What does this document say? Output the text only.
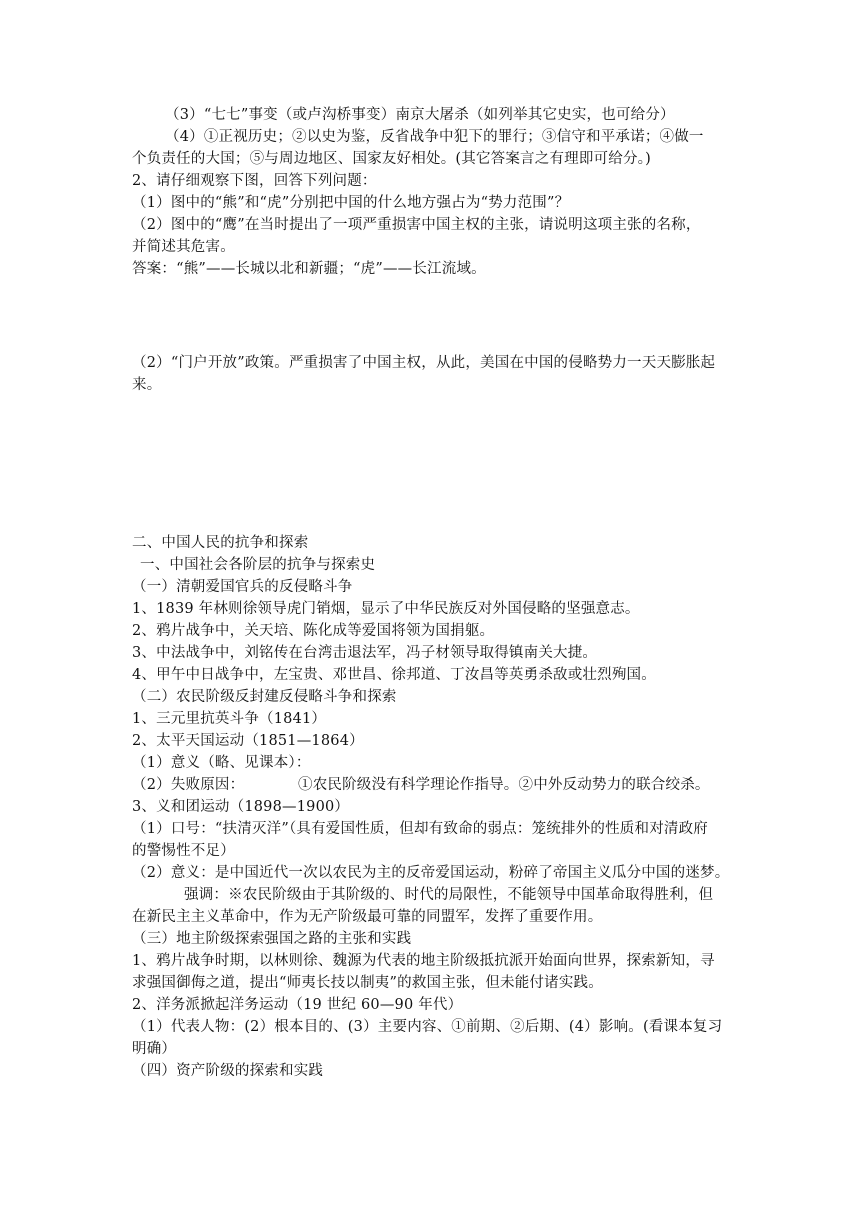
（3）“七七”事变（或卢沟桥事变）南京大屠杀（如列举其它史实，也可给分）
（4）①正视历史；②以史为鉴，反省战争中犯下的罪行；③信守和平承诺；④做一
个负责任的大国；⑤与周边地区、国家友好相处。(其它答案言之有理即可给分。)
2、请仔细观察下图，回答下列问题：
（1）图中的“熊”和“虎”分别把中国的什么地方强占为“势力范围”？
（2）图中的“鹰”在当时提出了一项严重损害中国主权的主张，请说明这项主张的名称，
并简述其危害。
答案：“熊”——长城以北和新疆；“虎”——长江流域。
（2）“门户开放”政策。严重损害了中国主权，从此，美国在中国的侵略势力一天天膨胀起
来。
二、中国人民的抗争和探索
一、中国社会各阶层的抗争与探索史
（一）清朝爱国官兵的反侵略斗争
1、1839 年林则徐领导虎门销烟，显示了中华民族反对外国侵略的坚强意志。
2、鸦片战争中，关天培、陈化成等爱国将领为国捐躯。
3、中法战争中，刘铭传在台湾击退法军，冯子材领导取得镇南关大捷。
4、甲午中日战争中，左宝贵、邓世昌、徐邦道、丁汝昌等英勇杀敌或壮烈殉国。
（二）农民阶级反封建反侵略斗争和探索
1、三元里抗英斗争（1841）
2、太平天国运动（1851—1864）
（1）意义（略、见课本）：
（2）失败原因：	①农民阶级没有科学理论作指导。②中外反动势力的联合绞杀。
3、义和团运动（1898—1900）
（1）口号：“扶清灭洋”（具有爱国性质，但却有致命的弱点：笼统排外的性质和对清政府
的警惕性不足）
（2）意义：是中国近代一次以农民为主的反帝爱国运动，粉碎了帝国主义瓜分中国的迷梦。
强调：※农民阶级由于其阶级的、时代的局限性，不能领导中国革命取得胜利，但
在新民主主义革命中，作为无产阶级最可靠的同盟军，发挥了重要作用。
（三）地主阶级探索强国之路的主张和实践
1、鸦片战争时期，以林则徐、魏源为代表的地主阶级抵抗派开始面向世界，探索新知，寻
求强国御侮之道，提出“师夷长技以制夷”的救国主张，但未能付诸实践。
2、洋务派掀起洋务运动（19 世纪 60—90 年代）
（1）代表人物：(2）根本目的、(3）主要内容、①前期、②后期、(4）影响。(看课本复习
明确）
（四）资产阶级的探索和实践
